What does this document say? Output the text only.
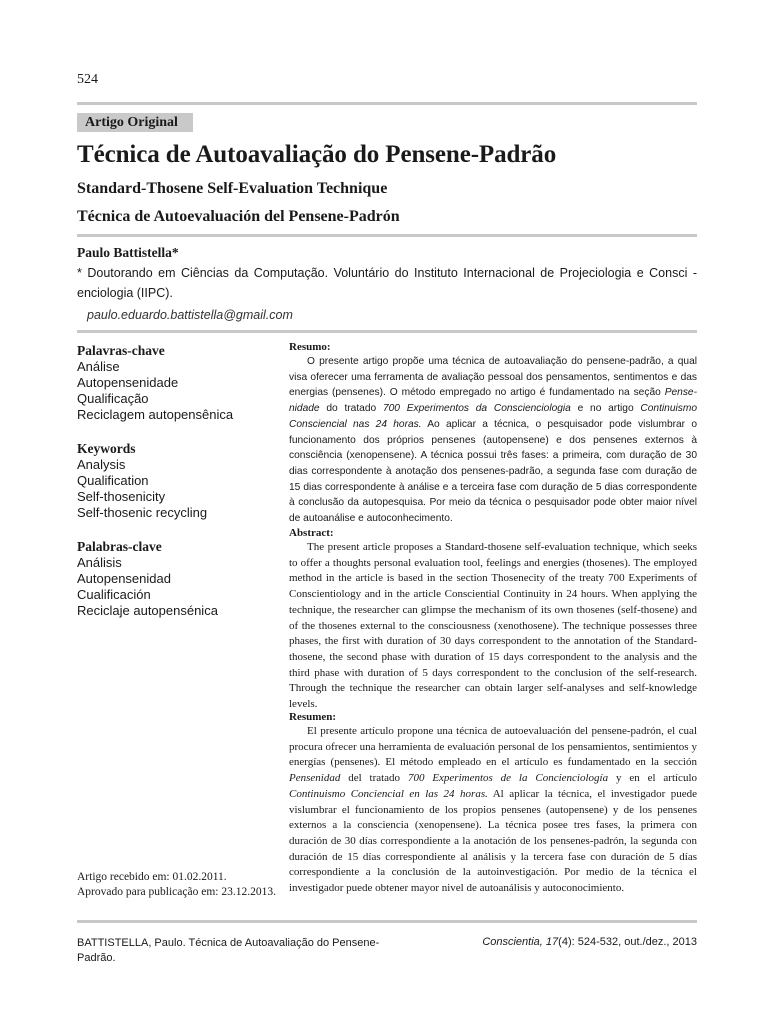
524
Artigo Original
Técnica de Autoavaliação do Pensene-Padrão
Standard-Thosene Self-Evaluation Technique
Técnica de Autoevaluación del Pensene-Padrón
Paulo Battistella*
* Doutorando em Ciências da Computação. Voluntário do Instituto Internacional de Projeciologia e Consci - enciologia (IIPC).
paulo.eduardo.battistella@gmail.com
Palavras-chave
Análise
Autopensenidade
Qualificação
Reciclagem autopensênica
Keywords
Analysis
Qualification
Self-thosenicity
Self-thosenic recycling
Palabras-clave
Análisis
Autopensenidad
Cualificación
Reciclaje autopensénica
Resumo:

O presente artigo propõe uma técnica de autoavaliação do pensene-padrão, a qual visa oferecer uma ferramenta de avaliação pessoal dos pensamentos, sentimentos e das energias (pensenes). O método empregado no artigo é fundamentado na seção Pensenidade do tratado 700 Experimentos da Conscienciologia e no artigo Continuismo Consciencial nas 24 horas. Ao aplicar a técnica, o pesquisador pode vislumbrar o funcionamento dos próprios pensenes (autopensene) e dos pensenes externos à consciência (xenopensene). A técnica possui três fases: a primeira, com duração de 30 dias correspondente à anotação dos pensenes-padrão, a segunda fase com duração de 15 dias correspondente à análise e a terceira fase com duração de 5 dias correspondente à conclusão da autopesquisa. Por meio da técnica o pesquisador pode obter maior nível de autoanálise e autoconhecimento.

Abstract:

The present article proposes a Standard-thosene self-evaluation technique, which seeks to offer a thoughts personal evaluation tool, feelings and energies (thosenes). The employed method in the article is based in the section Thosenecity of the treaty 700 Experiments of Conscientiology and in the article Consciential Continuity in 24 hours. When applying the technique, the researcher can glimpse the mechanism of its own thosenes (self-thosene) and of the thosenes external to the consciousness (xenothosene). The technique possesses three phases, the first with duration of 30 days correspondent to the annotation of the Standard-thosene, the second phase with duration of 15 days correspondent to the analysis and the third phase with duration of 5 days correspondent to the conclusion of the self-research. Through the technique the researcher can obtain larger self-analyses and self-knowledge levels.

Resumen:

El presente artículo propone una técnica de autoevaluación del pensene-padrón, el cual procura ofrecer una herramienta de evaluación personal de los pensamientos, sentimientos y energías (pensenes). El método empleado en el artículo es fundamentado en la sección Pensenidad del tratado 700 Experimentos de la Concienciología y en el artículo Continuismo Conciencial en las 24 horas. Al aplicar la técnica, el investigador puede vislumbrar el funcionamiento de los propios pensenes (autopensene) y de los pensenes externos a la consciencia (xenopensene). La técnica posee tres fases, la primera con duración de 30 días correspondiente a la anotación de los pensenes-padrón, la segunda con duración de 15 días correspondiente al análisis y la tercera fase con duración de 5 días correspondiente a la conclusión de la autoinvestigación. Por medio de la técnica el investigador puede obtener mayor nivel de autoanálisis y autoconocimiento.

Artigo recebido em: 01.02.2011.
Aprovado para publicação em: 23.12.2013.
BATTISTELLA, Paulo. Técnica de Autoavaliação do Pensene-Padrão.
Conscientia, 17(4): 524-532, out./dez., 2013
